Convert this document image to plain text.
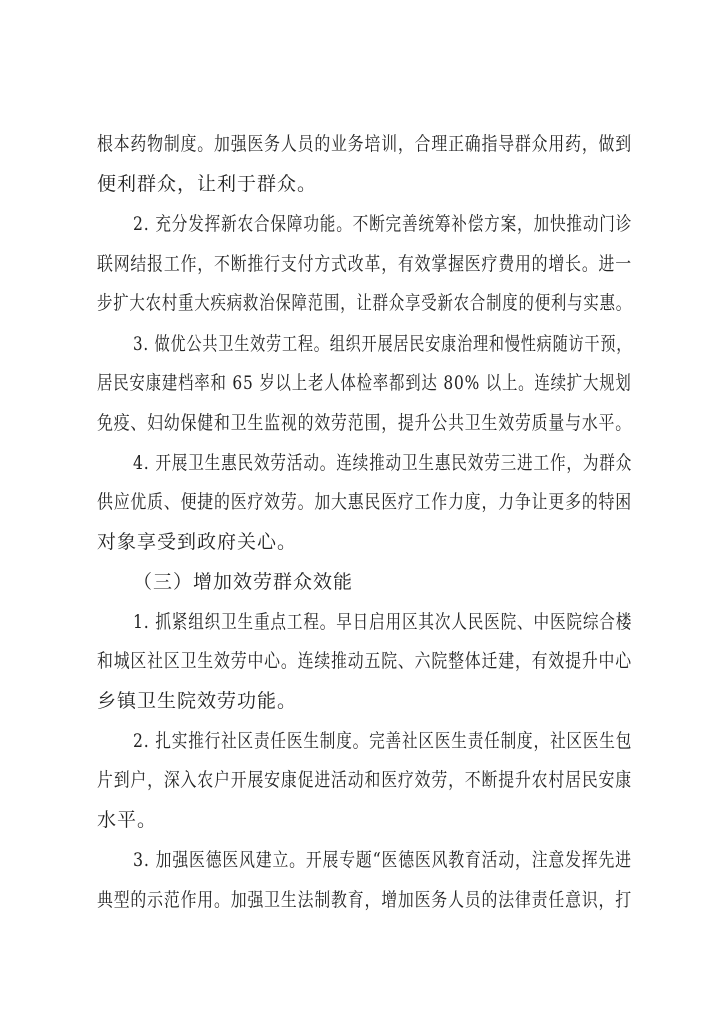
根本药物制度。加强医务人员的业务培训，合理正确指导群众用药，做到
便利群众，让利于群众。
2. 充分发挥新农合保障功能。不断完善统筹补偿方案，加快推动门诊
联网结报工作，不断推行支付方式改革，有效掌握医疗费用的增长。进一
步扩大农村重大疾病救治保障范围，让群众享受新农合制度的便利与实惠。
3. 做优公共卫生效劳工程。组织开展居民安康治理和慢性病随访干预，
居民安康建档率和 65 岁以上老人体检率都到达 80% 以上。连续扩大规划
免疫、妇幼保健和卫生监视的效劳范围，提升公共卫生效劳质量与水平。
4. 开展卫生惠民效劳活动。连续推动卫生惠民效劳三进工作，为群众
供应优质、便捷的医疗效劳。加大惠民医疗工作力度，力争让更多的特困
对象享受到政府关心。
（三）增加效劳群众效能
1. 抓紧组织卫生重点工程。早日启用区其次人民医院、中医院综合楼
和城区社区卫生效劳中心。连续推动五院、六院整体迁建，有效提升中心
乡镇卫生院效劳功能。
2. 扎实推行社区责任医生制度。完善社区医生责任制度，社区医生包
片到户，深入农户开展安康促进活动和医疗效劳，不断提升农村居民安康
水平。
3. 加强医德医风建立。开展专题“医德医风教育活动，注意发挥先进
典型的示范作用。加强卫生法制教育，增加医务人员的法律责任意识，打
